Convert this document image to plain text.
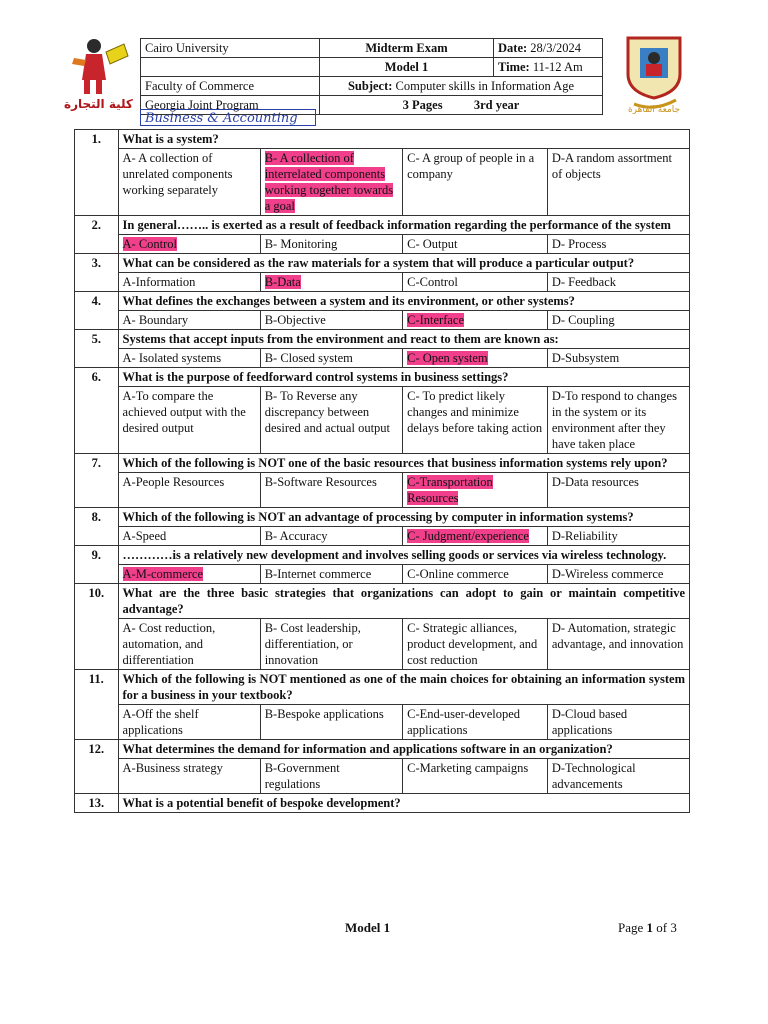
كلية التجارة
Cairo University	Midterm Exam	Date: 28/3/2024
	Model 1	Time: 11-12 Am
Faculty of Commerce	Subject: Computer skills in Information Age	
Georgia Joint Program	3 Pages 3rd year	
Business & Accounting
جامعة القاهرة
1.	What is a system?			
	A- A collection of unrelated components working separately	B- A collection of interrelated components working together towards a goal	C- A group of people in a company	D-A random assortment of objects
2.	In general…….. is exerted as a result of feedback information regarding the performance of the system			
	A- Control	B- Monitoring	C- Output	D- Process
3.	What can be considered as the raw materials for a system that will produce a particular output?			
	A-Information	B-Data	C-Control	D- Feedback
4.	What defines the exchanges between a system and its environment, or other systems?			
	A- Boundary	B-Objective	C-Interface	D- Coupling
5.	Systems that accept inputs from the environment and react to them are known as:			
	A- Isolated systems	B- Closed system	C- Open system	D-Subsystem
6.	What is the purpose of feedforward control systems in business settings?			
	A-To compare the achieved output with the desired output	B- To Reverse any discrepancy between desired and actual output	C- To predict likely changes and minimize delays before taking action	D-To respond to changes in the system or its environment after they have taken place
7.	Which of the following is NOT one of the basic resources that business information systems rely upon?			
	A-People Resources	B-Software Resources	C-Transportation Resources	D-Data resources
8.	Which of the following is NOT an advantage of processing by computer in information systems?			
	A-Speed	B- Accuracy	C- Judgment/experience	D-Reliability
9.	…………is a relatively new development and involves selling goods or services via wireless technology.			
	A-M-commerce	B-Internet commerce	C-Online commerce	D-Wireless commerce
10.	What are the three basic strategies that organizations can adopt to gain or maintain competitive advantage?			
	A- Cost reduction, automation, and differentiation	B- Cost leadership, differentiation, or innovation	C- Strategic alliances, product development, and cost reduction	D- Automation, strategic advantage, and innovation
11.	Which of the following is NOT mentioned as one of the main choices for obtaining an information system for a business in your textbook?			
	A-Off the shelf applications	B-Bespoke applications	C-End-user-developed applications	D-Cloud based applications
12.	What determines the demand for information and applications software in an organization?			
	A-Business strategy	B-Government regulations	C-Marketing campaigns	D-Technological advancements
13.	What is a potential benefit of bespoke development?			
Model 1	Page 1 of 3
